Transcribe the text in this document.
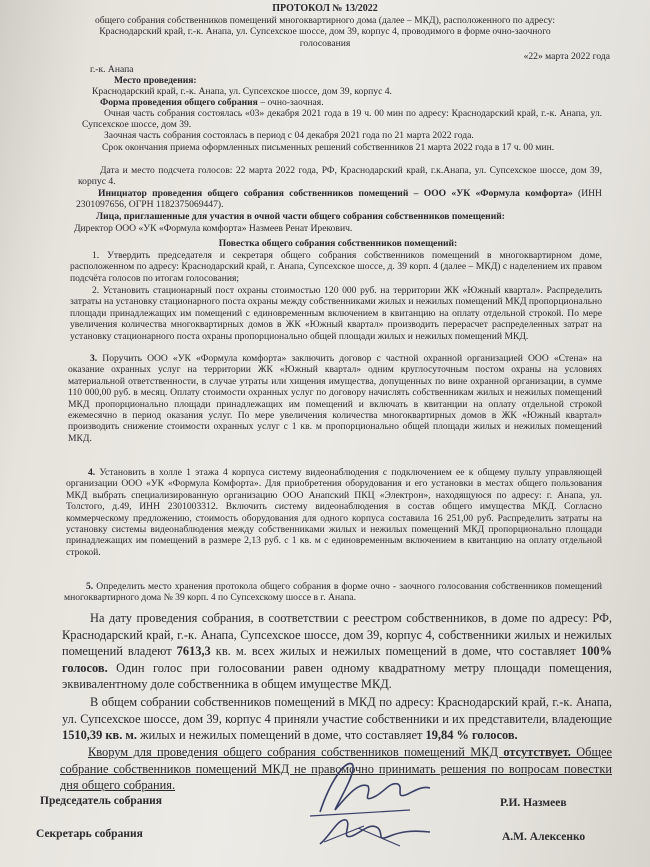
ПРОТОКОЛ № 13/2022
общего собрания собственников помещений многоквартирного дома (далее – МКД), расположенного по адресу: Краснодарский край, г.-к. Анапа, ул. Супсехское шоссе, дом 39, корпус 4, проводимого в форме очно-заочного голосования
«22» марта 2022 года
г.-к. Анапа
Место проведения:
Краснодарский край, г.-к. Анапа, ул. Супсехское шоссе, дом 39, корпус 4.
Форма проведения общего собрания – очно-заочная.
Очная часть собрания состоялась «03» декабря 2021 года в 19 ч. 00 мин по адресу: Краснодарский край, г.-к. Анапа, ул. Супсехское шоссе, дом 39.
Заочная часть собрания состоялась в период с 04 декабря 2021 года по 21 марта 2022 года.
Срок окончания приема оформленных письменных решений собственников 21 марта 2022 года в 17 ч. 00 мин.
Дата и место подсчета голосов: 22 марта 2022 года, РФ, Краснодарский край, г.к.Анапа, ул. Супсехское шоссе, дом 39, корпус 4.
Инициатор проведения общего собрания собственников помещений – ООО «УК «Формула комфорта» (ИНН 2301097656, ОГРН 1182375069447).
Лица, приглашенные для участия в очной части общего собрания собственников помещений:
Директор ООО «УК «Формула комфорта» Назмеев Ренат Ирекович.
Повестка общего собрания собственников помещений:
1. Утвердить председателя и секретаря общего собрания собственников помещений в многоквартирном доме, расположенном по адресу: Краснодарский край, г. Анапа, Супсехское шоссе, д. 39 корп. 4 (далее – МКД) с наделением их правом подсчёта голосов по итогам голосования;
2. Установить стационарный пост охраны стоимостью 120 000 руб. на территории ЖК «Южный квартал». Распределить затраты на установку стационарного поста охраны между собственниками жилых и нежилых помещений МКД пропорционально площади принадлежащих им помещений с единовременным включением в квитанцию на оплату отдельной строкой. По мере увеличения количества многоквартирных домов в ЖК «Южный квартал» производить перерасчет распределенных затрат на установку стационарного поста охраны пропорционально общей площади жилых и нежилых помещений МКД.
3. Поручить ООО «УК «Формула комфорта» заключить договор с частной охранной организацией ООО «Стена» на оказание охранных услуг на территории ЖК «Южный квартал» одним круглосуточным постом охраны на условиях материальной ответственности, в случае утраты или хищения имущества, допущенных по вине охранной организации, в сумме 110 000,00 руб. в месяц. Оплату стоимости охранных услуг по договору начислять собственникам жилых и нежилых помещений МКД пропорционально площади принадлежащих им помещений и включать в квитанции на оплату отдельной строкой ежемесячно в период оказания услуг. По мере увеличения количества многоквартирных домов в ЖК «Южный квартал» производить снижение стоимости охранных услуг с 1 кв. м пропорционально общей площади жилых и нежилых помещений МКД.
4. Установить в холле 1 этажа 4 корпуса систему видеонаблюдения с подключением ее к общему пульту управляющей организации ООО «УК «Формула Комфорта». Для приобретения оборудования и его установки в местах общего пользования МКД выбрать специализированную организацию ООО Анапский ПКЦ «Электрон», находящуюся по адресу: г. Анапа, ул. Толстого, д.49, ИНН 2301003312. Включить систему видеонаблюдения в состав общего имущества МКД. Согласно коммерческому предложению, стоимость оборудования для одного корпуса составила 16 251,00 руб. Распределить затраты на установку системы видеонаблюдения между собственниками жилых и нежилых помещений МКД пропорционально площади принадлежащих им помещений в размере 2,13 руб. с 1 кв. м с единовременным включением в квитанцию на оплату отдельной строкой.
5. Определить место хранения протокола общего собрания в форме очно - заочного голосования собственников помещений многоквартирного дома № 39 корп. 4 по Супсехскому шоссе в г. Анапа.
На дату проведения собрания, в соответствии с реестром собственников, в доме по адресу: РФ, Краснодарский край, г.-к. Анапа, Супсехское шоссе, дом 39, корпус 4, собственники жилых и нежилых помещений владеют 7613,3 кв. м. всех жилых и нежилых помещений в доме, что составляет 100% голосов. Один голос при голосовании равен одному квадратному метру площади помещения, эквивалентному доле собственника в общем имуществе МКД.
В общем собрании собственников помещений в МКД по адресу: Краснодарский край, г.-к. Анапа, ул. Супсехское шоссе, дом 39, корпус 4 приняли участие собственники и их представители, владеющие 1510,39 кв. м. жилых и нежилых помещений в доме, что составляет 19,84 % голосов.
Кворум для проведения общего собрания собственников помещений МКД отсутствует. Общее собрание собственников помещений МКД не правомочно принимать решения по вопросам повестки дня общего собрания.
Председатель собрания	Р.И. Назмеев
Секретарь собрания	А.М. Алексенко
